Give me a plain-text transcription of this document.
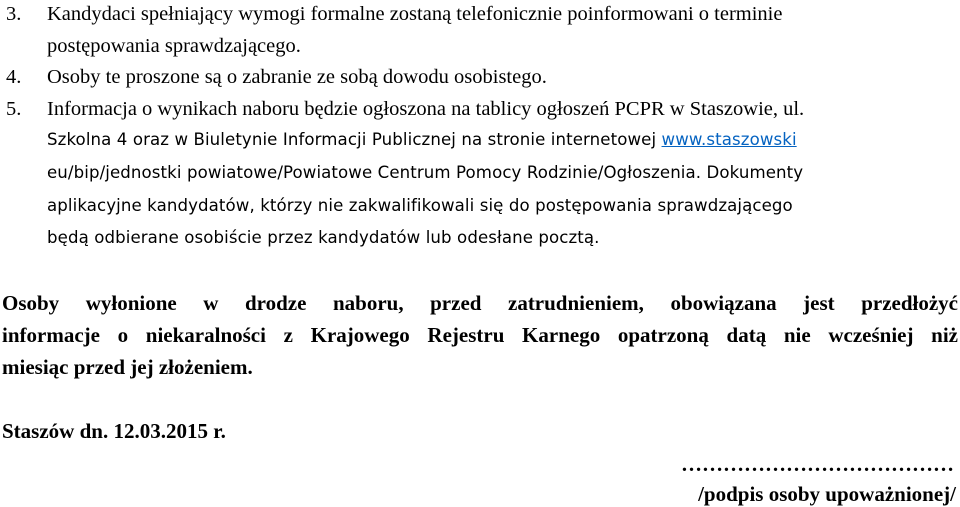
3.	Kandydaci spełniający wymogi formalne zostaną telefonicznie poinformowani o terminie
postępowania sprawdzającego.
4.	Osoby te proszone są o zabranie ze sobą dowodu osobistego.
5.	Informacja o wynikach naboru będzie ogłoszona na tablicy ogłoszeń PCPR w Staszowie, ul.
Szkolna 4 oraz w Biuletynie Informacji Publicznej na stronie internetowej www.staszowski
eu/bip/jednostki powiatowe/Powiatowe Centrum Pomocy Rodzinie/Ogłoszenia. Dokumenty
aplikacyjne kandydatów, którzy nie zakwalifikowali się do postępowania sprawdzającego
będą odbierane osobiście przez kandydatów lub odesłane pocztą.
Osoby wyłonione w drodze naboru, przed zatrudnieniem, obowiązana jest przedłożyć
informacje o niekaralności z Krajowego Rejestru Karnego opatrzoną datą nie wcześniej niż
miesiąc przed jej złożeniem.
Staszów dn. 12.03.2015 r.
…………………………………
/podpis osoby upoważnionej/
